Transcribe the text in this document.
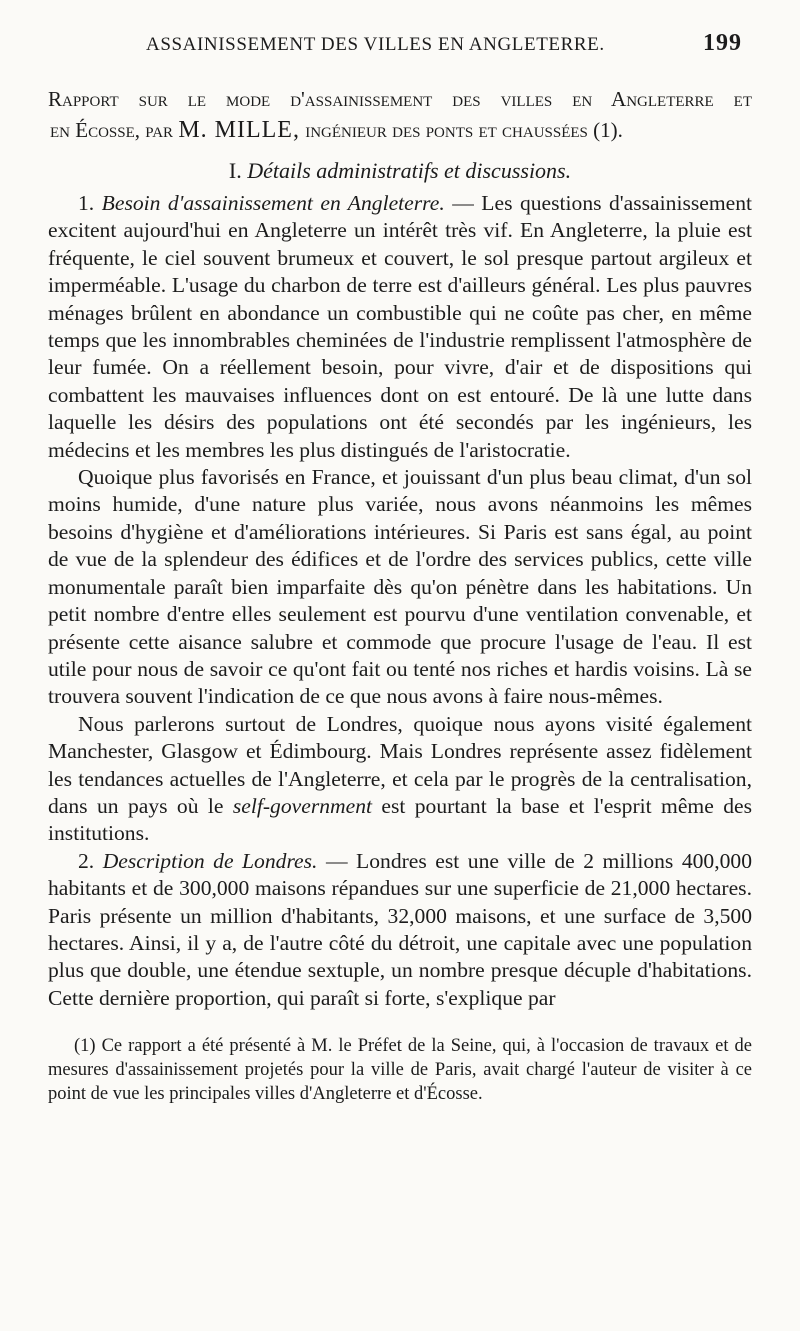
ASSAINISSEMENT DES VILLES EN ANGLETERRE.	199
Rapport sur le mode d'assainissement des villes en Angleterre et
en Écosse, par M. MILLE, ingénieur des ponts et chaussées (1).
I. Détails administratifs et discussions.

1. Besoin d'assainissement en Angleterre. — Les questions d'assainissement excitent aujourd'hui en Angleterre un intérêt très vif. En Angleterre, la pluie est fréquente, le ciel souvent brumeux et couvert, le sol presque partout argileux et imperméable. L'usage du charbon de terre est d'ailleurs général. Les plus pauvres ménages brûlent en abondance un combustible qui ne coûte pas cher, en même temps que les innombrables cheminées de l'industrie remplissent l'atmosphère de leur fumée. On a réellement besoin, pour vivre, d'air et de dispositions qui combattent les mauvaises influences dont on est entouré. De là une lutte dans laquelle les désirs des populations ont été secondés par les ingénieurs, les médecins et les membres les plus distingués de l'aristocratie.

Quoique plus favorisés en France, et jouissant d'un plus beau climat, d'un sol moins humide, d'une nature plus variée, nous avons néanmoins les mêmes besoins d'hygiène et d'améliorations intérieures. Si Paris est sans égal, au point de vue de la splendeur des édifices et de l'ordre des services publics, cette ville monumentale paraît bien imparfaite dès qu'on pénètre dans les habitations. Un petit nombre d'entre elles seulement est pourvu d'une ventilation convenable, et présente cette aisance salubre et commode que procure l'usage de l'eau. Il est utile pour nous de savoir ce qu'ont fait ou tenté nos riches et hardis voisins. Là se trouvera souvent l'indication de ce que nous avons à faire nous-mêmes.

Nous parlerons surtout de Londres, quoique nous ayons visité également Manchester, Glasgow et Édimbourg. Mais Londres représente assez fidèlement les tendances actuelles de l'Angleterre, et cela par le progrès de la centralisation, dans un pays où le self-government est pourtant la base et l'esprit même des institutions.

2. Description de Londres. — Londres est une ville de 2 millions 400,000 habitants et de 300,000 maisons répandues sur une superficie de 21,000 hectares. Paris présente un million d'habitants, 32,000 maisons, et une surface de 3,500 hectares. Ainsi, il y a, de l'autre côté du détroit, une capitale avec une population plus que double, une étendue sextuple, un nombre presque décuple d'habitations. Cette dernière proportion, qui paraît si forte, s'explique par

(1) Ce rapport a été présenté à M. le Préfet de la Seine, qui, à l'occasion de travaux et de mesures d'assainissement projetés pour la ville de Paris, avait chargé l'auteur de visiter à ce point de vue les principales villes d'Angleterre et d'Écosse.
